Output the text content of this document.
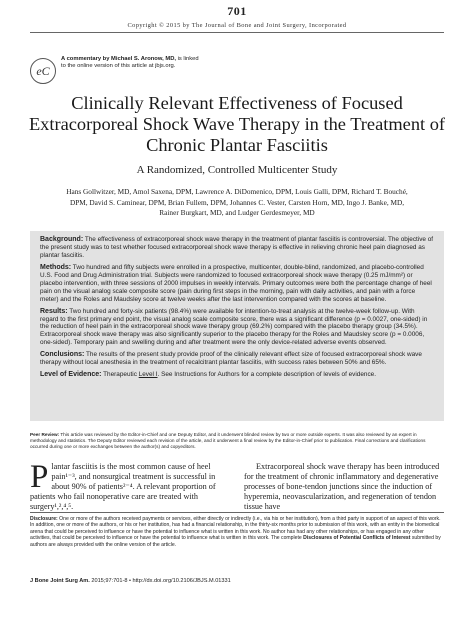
701
Copyright © 2015 by The Journal of Bone and Joint Surgery, Incorporated
eC
A commentary by Michael S. Aronow, MD, is linked to the online version of this article at jbjs.org.
Clinically Relevant Effectiveness of Focused Extracorporeal Shock Wave Therapy in the Treatment of Chronic Plantar Fasciitis
A Randomized, Controlled Multicenter Study
Hans Gollwitzer, MD, Amol Saxena, DPM, Lawrence A. DiDomenico, DPM, Louis Galli, DPM, Richard T. Bouché, DPM, David S. Caminear, DPM, Brian Fullem, DPM, Johannes C. Vester, Carsten Horn, MD, Ingo J. Banke, MD, Rainer Burgkart, MD, and Ludger Gerdesmeyer, MD

Background: The effectiveness of extracorporeal shock wave therapy in the treatment of plantar fasciitis is controversial. The objective of the present study was to test whether focused extracorporeal shock wave therapy is effective in relieving chronic heel pain diagnosed as plantar fasciitis.

Methods: Two hundred and fifty subjects were enrolled in a prospective, multicenter, double-blind, randomized, and placebo-controlled U.S. Food and Drug Administration trial. Subjects were randomized to focused extracorporeal shock wave therapy (0.25 mJ/mm²) or placebo intervention, with three sessions of 2000 impulses in weekly intervals. Primary outcomes were both the percentage change of heel pain on the visual analog scale composite score (pain during first steps in the morning, pain with daily activities, and pain with a force meter) and the Roles and Maudsley score at twelve weeks after the last intervention compared with the scores at baseline.

Results: Two hundred and forty-six patients (98.4%) were available for intention-to-treat analysis at the twelve-week follow-up. With regard to the first primary end point, the visual analog scale composite score, there was a significant difference (p = 0.0027, one-sided) in the reduction of heel pain in the extracorporeal shock wave therapy group (69.2%) compared with the placebo therapy group (34.5%). Extracorporeal shock wave therapy was also significantly superior to the placebo therapy for the Roles and Maudsley score (p = 0.0006, one-sided). Temporary pain and swelling during and after treatment were the only device-related adverse events observed.

Conclusions: The results of the present study provide proof of the clinically relevant effect size of focused extracorporeal shock wave therapy without local anesthesia in the treatment of recalcitrant plantar fasciitis, with success rates between 50% and 65%.

Level of Evidence: Therapeutic Level I. See Instructions for Authors for a complete description of levels of evidence.

Peer Review: This article was reviewed by the Editor-in-Chief and one Deputy Editor, and it underwent blinded review by two or more outside experts. It was also reviewed by an expert in methodology and statistics. The Deputy Editor reviewed each revision of the article, and it underwent a final review by the Editor-in-Chief prior to publication. Final corrections and clarifications occurred during one or more exchanges between the author(s) and copyeditors.
Plantar fasciitis is the most common cause of heel pain¹⁻³, and nonsurgical treatment is successful in about 90% of patients²⁻⁴. A relevant proportion of patients who fail nonoperative care are treated with surgery¹,²,⁴,⁵.
Extracorporeal shock wave therapy has been introduced for the treatment of chronic inflammatory and degenerative processes of bone-tendon junctions since the induction of hyperemia, neovascularization, and regeneration of tendon tissue have
Disclosure: One or more of the authors received payments or services, either directly or indirectly (i.e., via his or her institution), from a third party in support of an aspect of this work. In addition, one or more of the authors, or his or her institution, has had a financial relationship, in the thirty-six months prior to submission of this work, with an entity in the biomedical arena that could be perceived to influence or have the potential to influence what is written in this work. No author has had any other relationships, or has engaged in any other activities, that could be perceived to influence or have the potential to influence what is written in this work. The complete Disclosures of Potential Conflicts of Interest submitted by authors are always provided with the online version of the article.
J Bone Joint Surg Am. 2015;97:701-8 • http://dx.doi.org/10.2106/JBJS.M.01331
